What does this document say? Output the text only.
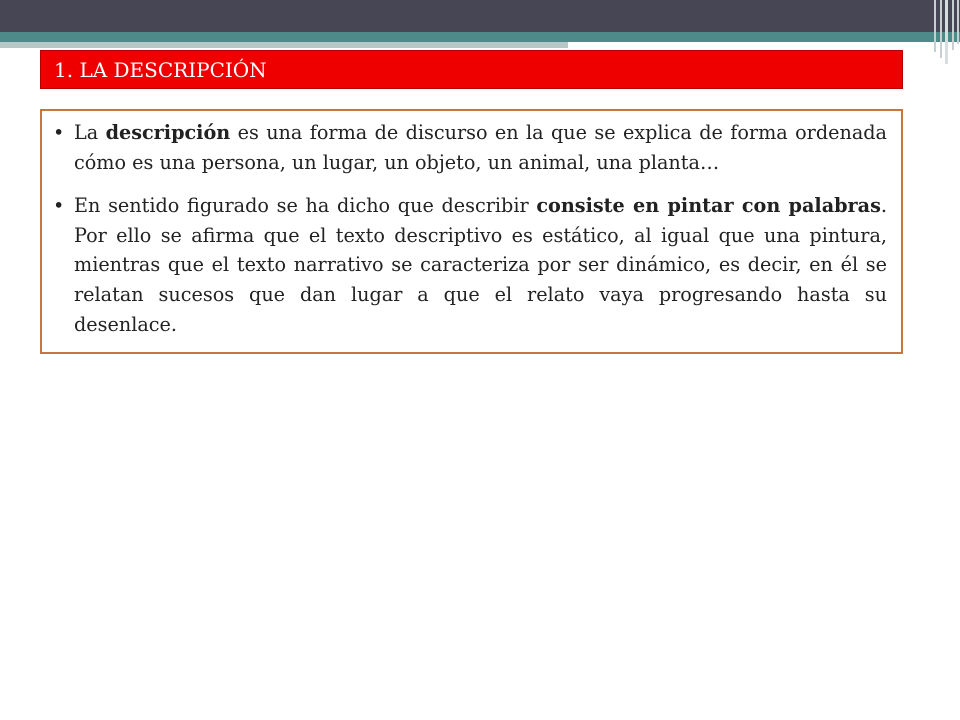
1. LA DESCRIPCIÓN

• La descripción es una forma de discurso en la que se explica de forma ordenada cómo es una persona, un lugar, un objeto, un animal, una planta…

• En sentido figurado se ha dicho que describir consiste en pintar con palabras. Por ello se afirma que el texto descriptivo es estático, al igual que una pintura, mientras que el texto narrativo se caracteriza por ser dinámico, es decir, en él se relatan sucesos que dan lugar a que el relato vaya progresando hasta su desenlace.
